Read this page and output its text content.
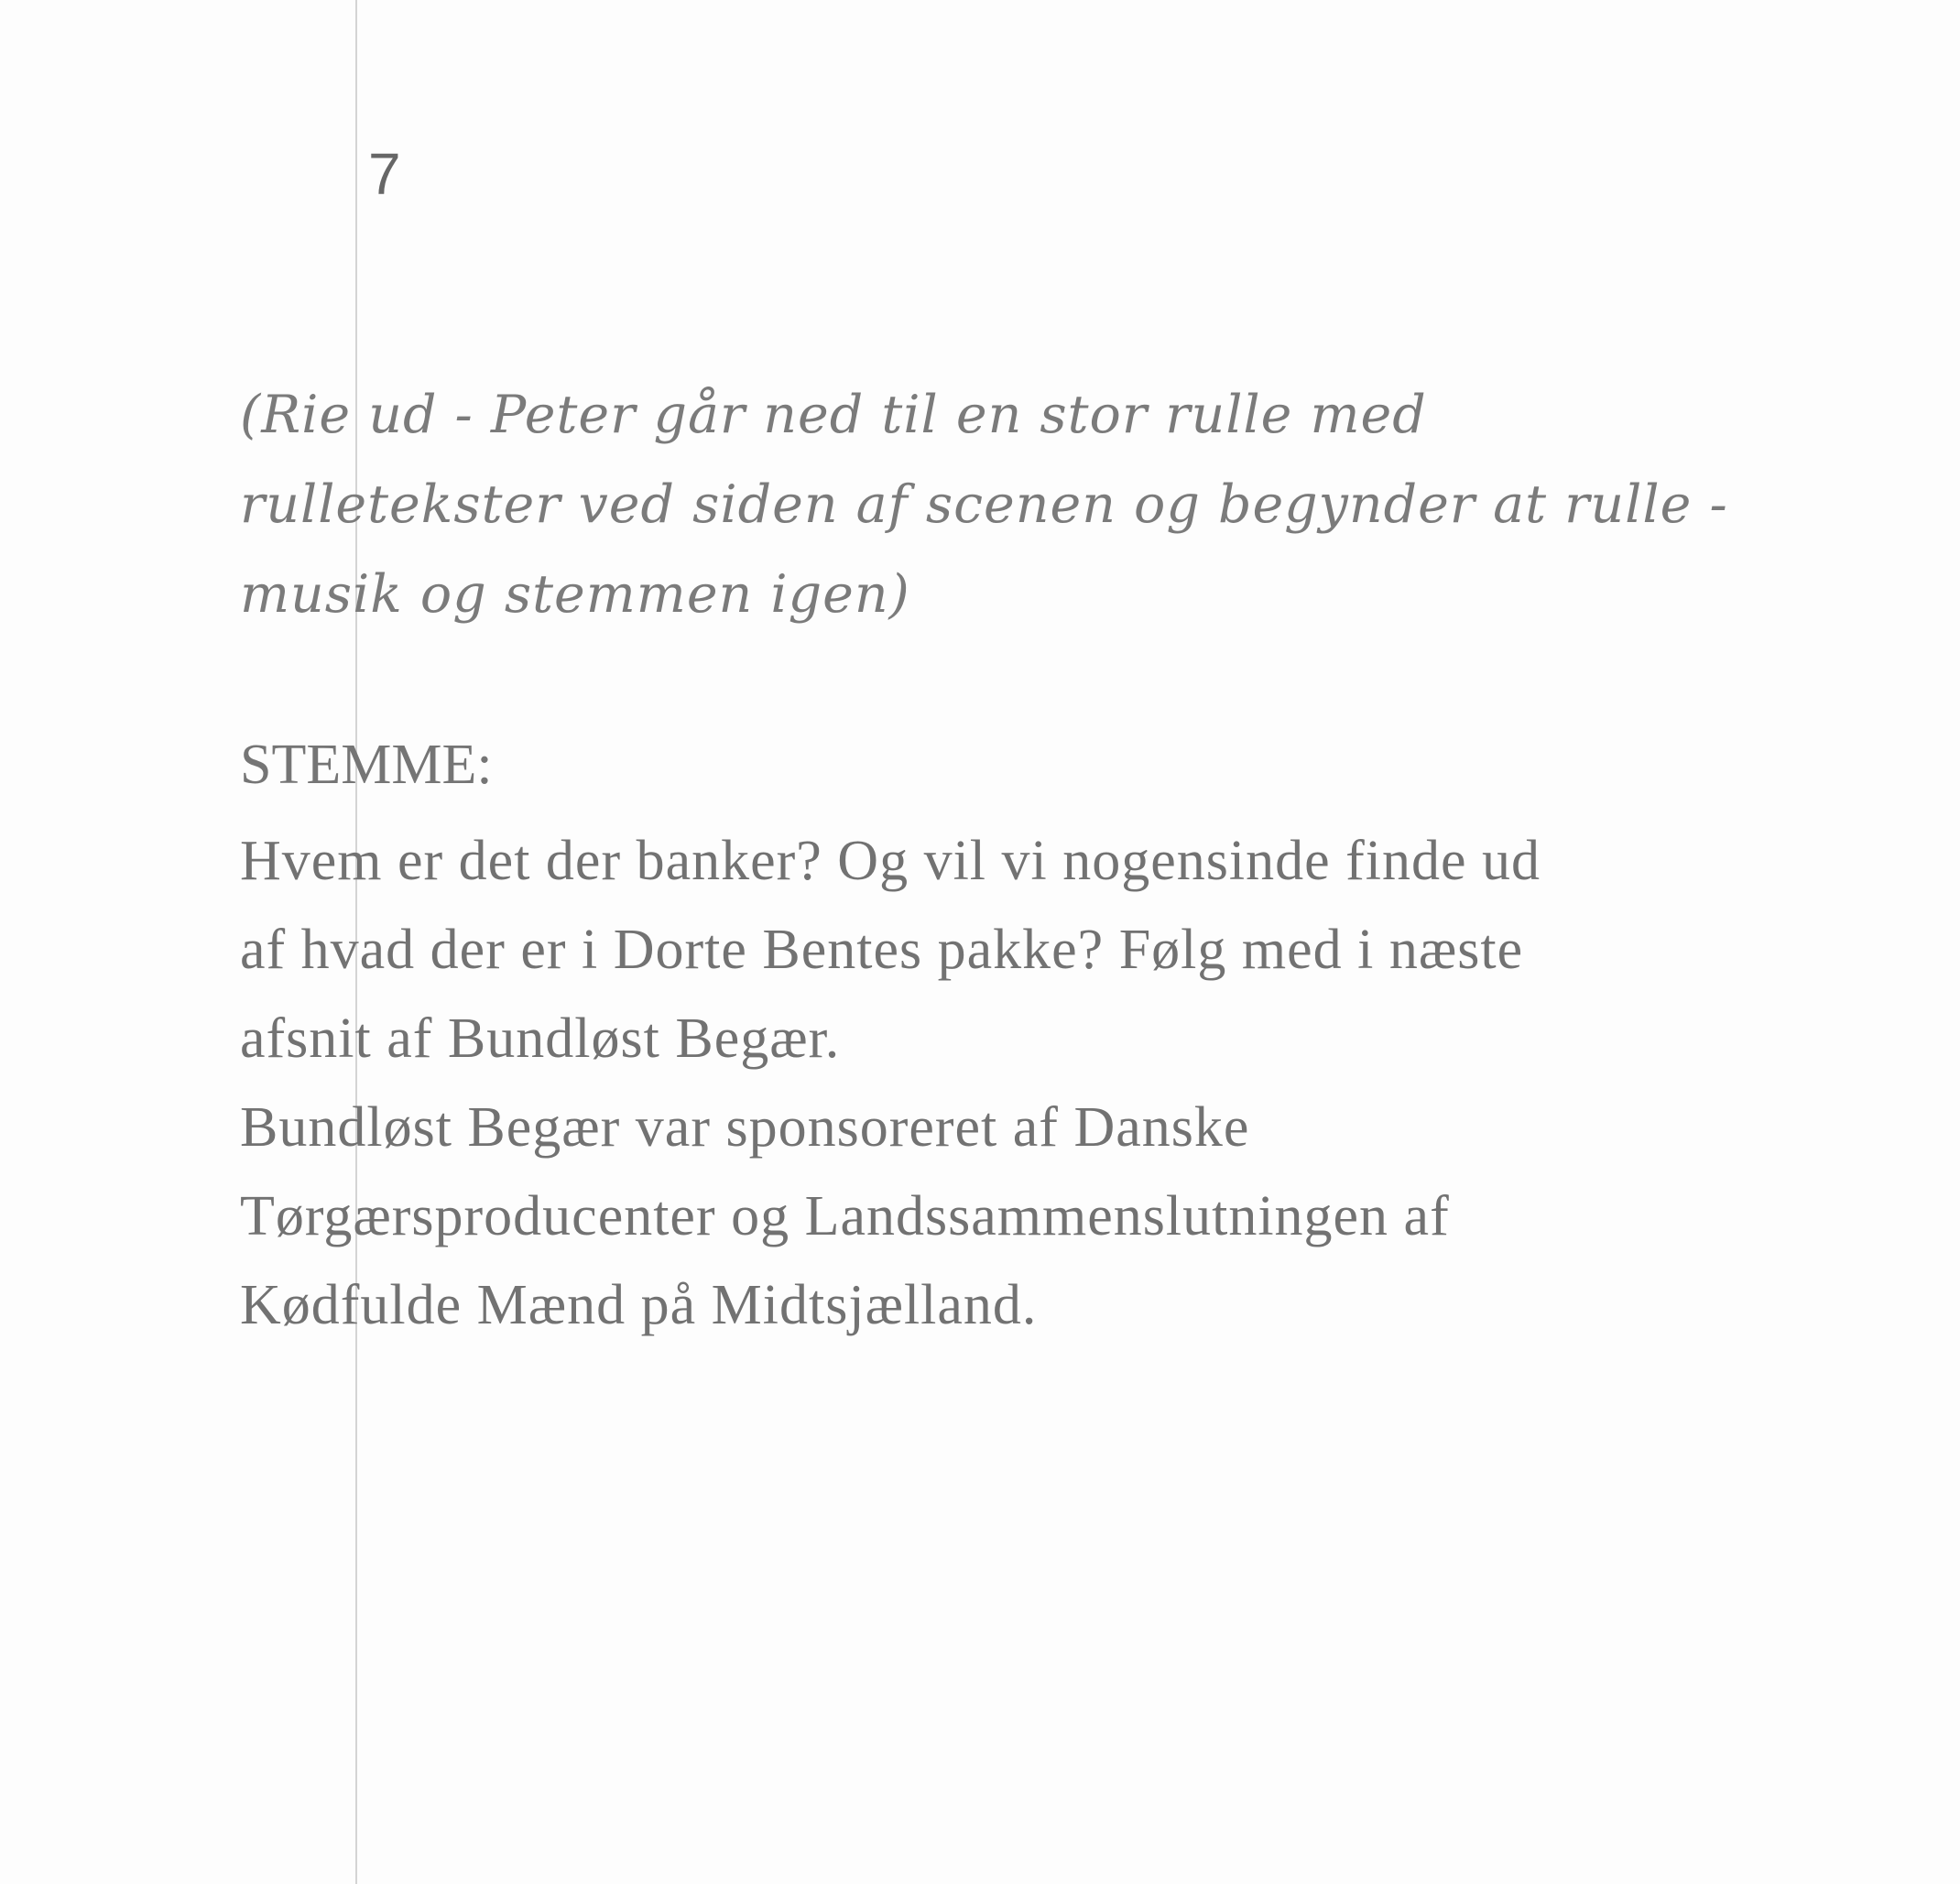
7
(Rie ud - Peter går ned til en stor rulle med
rulletekster ved siden af scenen og begynder at rulle -
musik og stemmen igen)
STEMME:
Hvem er det der banker? Og vil vi nogensinde finde ud
af hvad der er i Dorte Bentes pakke? Følg med i næste
afsnit af Bundløst Begær.
Bundløst Begær var sponsoreret af Danske
Tørgærsproducenter og Landssammenslutningen af
Kødfulde Mænd på Midtsjælland.
